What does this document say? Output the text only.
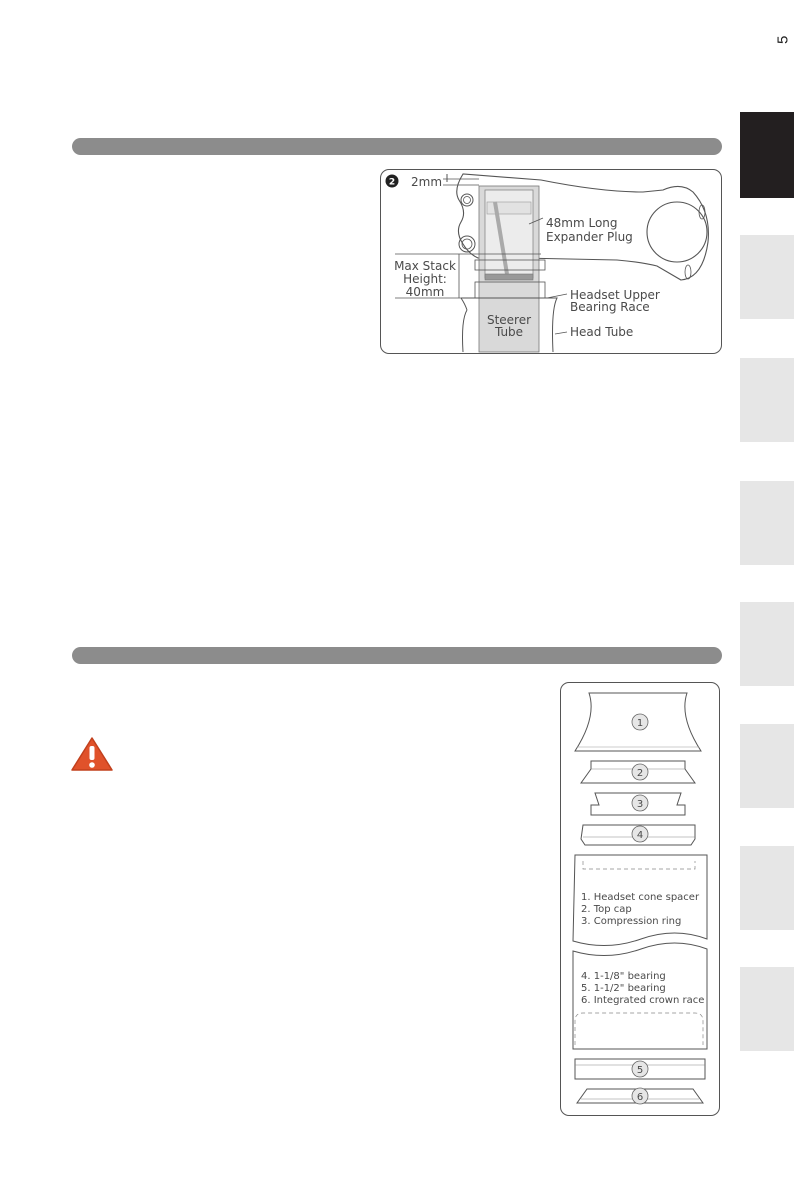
5
2 2mm
48mm Long
Expander Plug
Max Stack
Height:
40mm	Headset Upper
Bearing Race
Steerer
Tube	Head Tube
1
2
3
4
1. Headset cone spacer
2. Top cap
3. Compression ring
4. 1-1/8" bearing
5. 1-1/2" bearing
6. Integrated crown race
5
6
